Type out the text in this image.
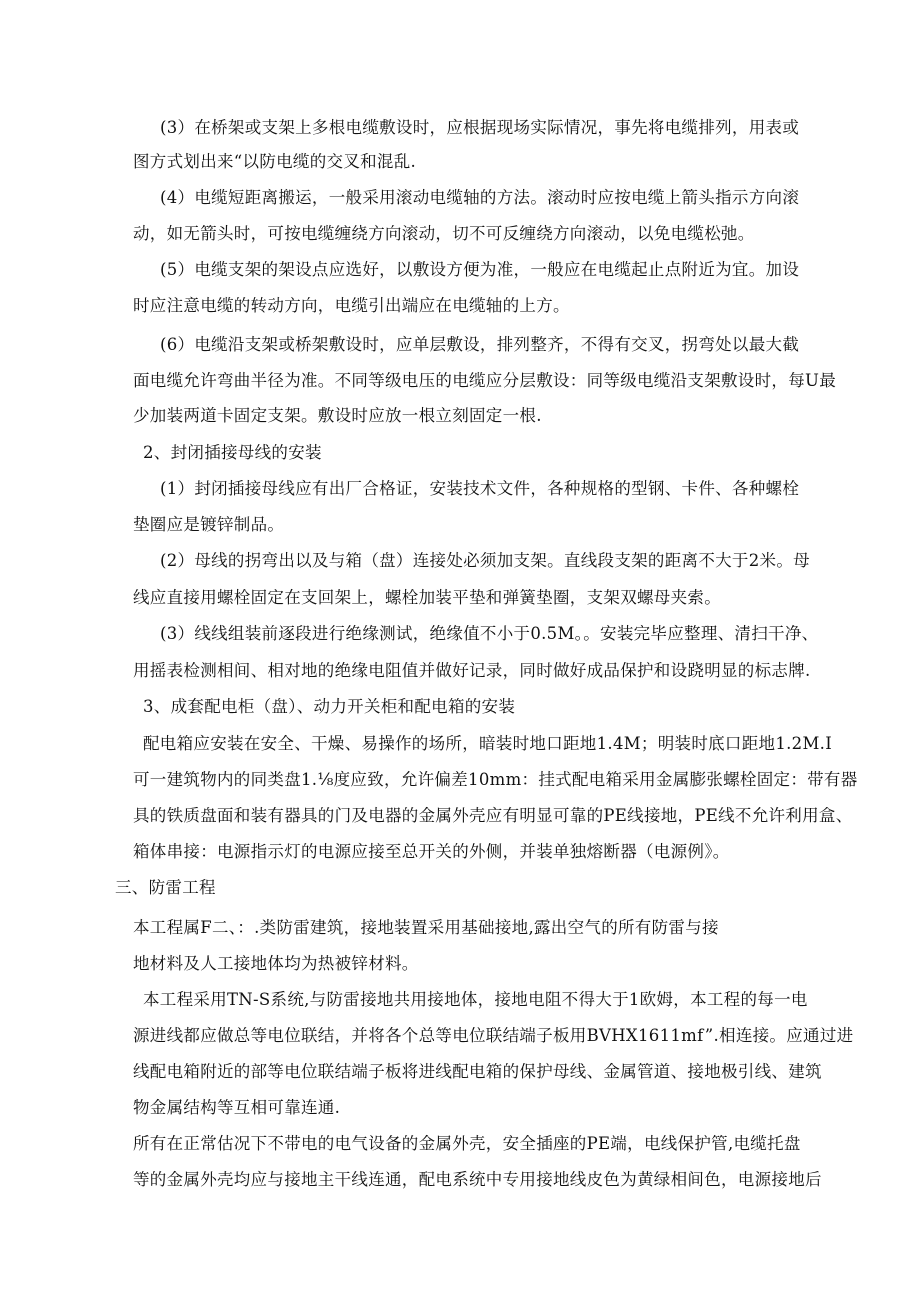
(3）在桥架或支架上多根电缆敷设时，应根据现场实际情况，事先将电缆排列，用表或
图方式划出来“以防电缆的交叉和混乱.
(4）电缆短距离搬运，一般采用滚动电缆轴的方法。滚动时应按电缆上箭头指示方向滚
动，如无箭头时，可按电缆缠绕方向滚动，切不可反缠绕方向滚动，以免电缆松弛。
(5）电缆支架的架设点应选好，以敷设方便为准，一般应在电缆起止点附近为宜。加设
时应注意电缆的转动方向，电缆引出端应在电缆轴的上方。
(6）电缆沿支架或桥架敷设时，应单层敷设，排列整齐，不得有交叉，拐弯处以最大截
面电缆允许弯曲半径为准。不同等级电压的电缆应分层敷设：同等级电缆沿支架敷设时，每U最
少加装两道卡固定支架。敷设时应放一根立刻固定一根.
2、封闭插接母线的安装
(1）封闭插接母线应有出厂合格证，安装技术文件，各种规格的型钢、卡件、各种螺栓
垫圈应是镀锌制品。
(2）母线的拐弯出以及与箱（盘）连接处必须加支架。直线段支架的距离不大于2米。母
线应直接用螺栓固定在支回架上，螺栓加装平垫和弹簧垫圈，支架双螺母夹索。
(3）线线组装前逐段进行绝缘测试，绝缘值不小于0.5M。。安装完毕应整理、清扫干净、
用摇表检测相间、相对地的绝缘电阻值并做好记录，同时做好成品保护和设跷明显的标志牌.
3、成套配电柜（盘）、动力开关柜和配电箱的安装
配电箱应安装在安全、干燥、易操作的场所，暗装时地口距地1.4M；明装时底口距地1.2M.I
可一建筑物内的同类盘1.⅛度应致，允许偏差10mm：挂式配电箱采用金属膨张螺栓固定：带有器
具的铁质盘面和装有器具的门及电器的金属外壳应有明显可靠的PE线接地，PE线不允许利用盒、
箱体串接：电源指示灯的电源应接至总开关的外侧，并装单独熔断器（电源例》。
三、防雷工程
本工程属F二、：.类防雷建筑，接地装置采用基础接地,露出空气的所有防雷与接
地材料及人工接地体均为热被锌材料。
本工程采用TN-S系统,与防雷接地共用接地体，接地电阻不得大于1欧姆，本工程的每一电
源进线都应做总等电位联结，并将各个总等电位联结端子板用BVHX1611mf”.相连接。应通过进
线配电箱附近的部等电位联结端子板将进线配电箱的保护母线、金属管道、接地极引线、建筑
物金属结构等互相可靠连通.
所有在正常估况下不带电的电气设备的金属外壳，安全插座的PE端，电线保护管,电缆托盘
等的金属外壳均应与接地主干线连通，配电系统中专用接地线皮色为黄绿相间色，电源接地后
